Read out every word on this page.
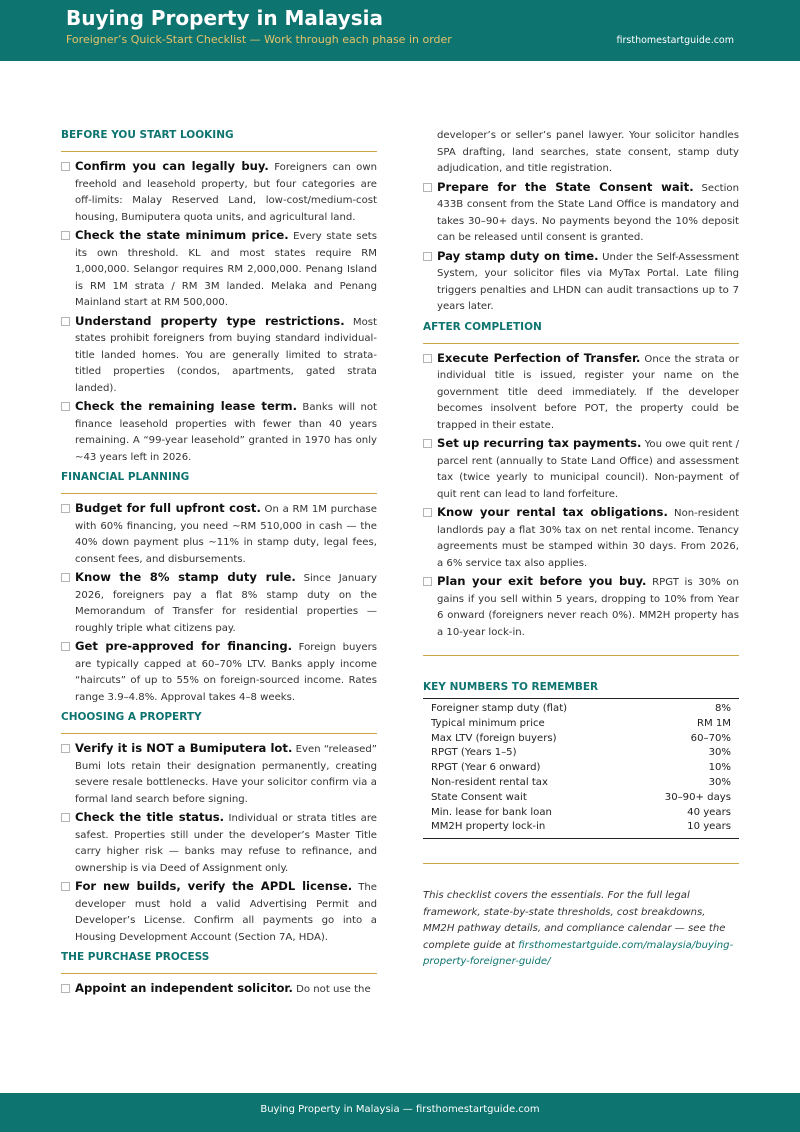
Buying Property in Malaysia
Foreigner’s Quick-Start Checklist — Work through each phase in order	firsthomestartguide.com
BEFORE YOU START LOOKING
Confirm you can legally buy. Foreigners can own freehold and leasehold property, but four categories are off-limits: Malay Reserved Land, low-cost/medium-cost housing, Bumiputera quota units, and agricultural land.
Check the state minimum price. Every state sets its own threshold. KL and most states require RM 1,000,000. Selangor requires RM 2,000,000. Penang Island is RM 1M strata / RM 3M landed. Melaka and Penang Mainland start at RM 500,000.
Understand property type restrictions. Most states prohibit foreigners from buying standard individual-title landed homes. You are generally limited to strata-titled properties (condos, apartments, gated strata landed).
Check the remaining lease term. Banks will not finance leasehold properties with fewer than 40 years remaining. A “99-year leasehold” granted in 1970 has only ∼43 years left in 2026.
FINANCIAL PLANNING
Budget for full upfront cost. On a RM 1M purchase with 60% financing, you need ∼RM 510,000 in cash — the 40% down payment plus ∼11% in stamp duty, legal fees, consent fees, and disbursements.
Know the 8% stamp duty rule. Since January 2026, foreigners pay a flat 8% stamp duty on the Memorandum of Transfer for residential properties — roughly triple what citizens pay.
Get pre-approved for financing. Foreign buyers are typically capped at 60–70% LTV. Banks apply income “haircuts” of up to 55% on foreign-sourced income. Rates range 3.9–4.8%. Approval takes 4–8 weeks.
CHOOSING A PROPERTY
Verify it is NOT a Bumiputera lot. Even “released” Bumi lots retain their designation permanently, creating severe resale bottlenecks. Have your solicitor confirm via a formal land search before signing.
Check the title status. Individual or strata titles are safest. Properties still under the developer’s Master Title carry higher risk — banks may refuse to refinance, and ownership is via Deed of Assignment only.
For new builds, verify the APDL license. The developer must hold a valid Advertising Permit and Developer’s License. Confirm all payments go into a Housing Development Account (Section 7A, HDA).
THE PURCHASE PROCESS
Appoint an independent solicitor. Do not use the
developer’s or seller’s panel lawyer. Your solicitor handles SPA drafting, land searches, state consent, stamp duty adjudication, and title registration.
Prepare for the State Consent wait. Section 433B consent from the State Land Office is mandatory and takes 30–90+ days. No payments beyond the 10% deposit can be released until consent is granted.
Pay stamp duty on time. Under the Self-Assessment System, your solicitor files via MyTax Portal. Late filing triggers penalties and LHDN can audit transactions up to 7 years later.
AFTER COMPLETION
Execute Perfection of Transfer. Once the strata or individual title is issued, register your name on the government title deed immediately. If the developer becomes insolvent before POT, the property could be trapped in their estate.
Set up recurring tax payments. You owe quit rent / parcel rent (annually to State Land Office) and assessment tax (twice yearly to municipal council). Non-payment of quit rent can lead to land forfeiture.
Know your rental tax obligations. Non-resident landlords pay a flat 30% tax on net rental income. Tenancy agreements must be stamped within 30 days. From 2026, a 6% service tax also applies.
Plan your exit before you buy. RPGT is 30% on gains if you sell within 5 years, dropping to 10% from Year 6 onward (foreigners never reach 0%). MM2H property has a 10-year lock-in.
KEY NUMBERS TO REMEMBER
Foreigner stamp duty (flat)	8%
Typical minimum price	RM 1M
Max LTV (foreign buyers)	60–70%
RPGT (Years 1–5)	30%
RPGT (Year 6 onward)	10%
Non-resident rental tax	30%
State Consent wait	30–90+ days
Min. lease for bank loan	40 years
MM2H property lock-in	10 years
This checklist covers the essentials. For the full legal framework, state-by-state thresholds, cost breakdowns, MM2H pathway details, and compliance calendar — see the complete guide at firsthomestartguide.com/malaysia/buying-property-foreigner-guide/
Buying Property in Malaysia — firsthomestartguide.com
